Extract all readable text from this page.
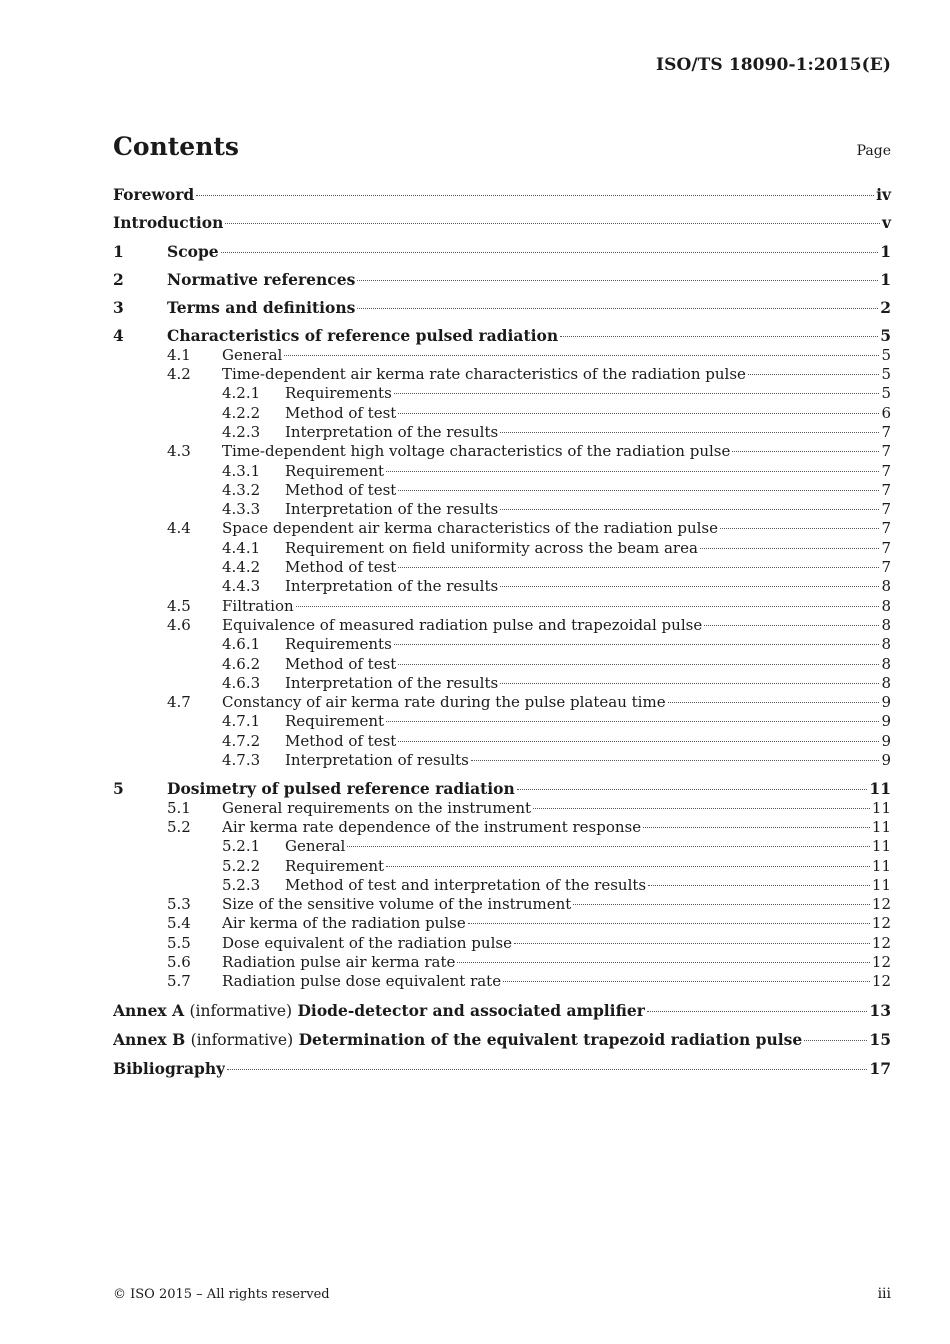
ISO/TS 18090-1:2015(E)
Contents	Page
Foreword	iv
Introduction	v
1	Scope	1
2	Normative references	1
3	Terms and definitions	2
4	Characteristics of reference pulsed radiation	5
4.1	General	5
4.2	Time-dependent air kerma rate characteristics of the radiation pulse	5
4.2.1	Requirements	5
4.2.2	Method of test	6
4.2.3	Interpretation of the results	7
4.3	Time-dependent high voltage characteristics of the radiation pulse	7
4.3.1	Requirement	7
4.3.2	Method of test	7
4.3.3	Interpretation of the results	7
4.4	Space dependent air kerma characteristics of the radiation pulse	7
4.4.1	Requirement on field uniformity across the beam area	7
4.4.2	Method of test	7
4.4.3	Interpretation of the results	8
4.5	Filtration	8
4.6	Equivalence of measured radiation pulse and trapezoidal pulse	8
4.6.1	Requirements	8
4.6.2	Method of test	8
4.6.3	Interpretation of the results	8
4.7	Constancy of air kerma rate during the pulse plateau time	9
4.7.1	Requirement	9
4.7.2	Method of test	9
4.7.3	Interpretation of results	9
5	Dosimetry of pulsed reference radiation	11
5.1	General requirements on the instrument	11
5.2	Air kerma rate dependence of the instrument response	11
5.2.1	General	11
5.2.2	Requirement	11
5.2.3	Method of test and interpretation of the results	11
5.3	Size of the sensitive volume of the instrument	12
5.4	Air kerma of the radiation pulse	12
5.5	Dose equivalent of the radiation pulse	12
5.6	Radiation pulse air kerma rate	12
5.7	Radiation pulse dose equivalent rate	12
Annex A (informative) Diode-detector and associated amplifier	13
Annex B (informative) Determination of the equivalent trapezoid radiation pulse	15
Bibliography	17
© ISO 2015 – All rights reserved	iii
